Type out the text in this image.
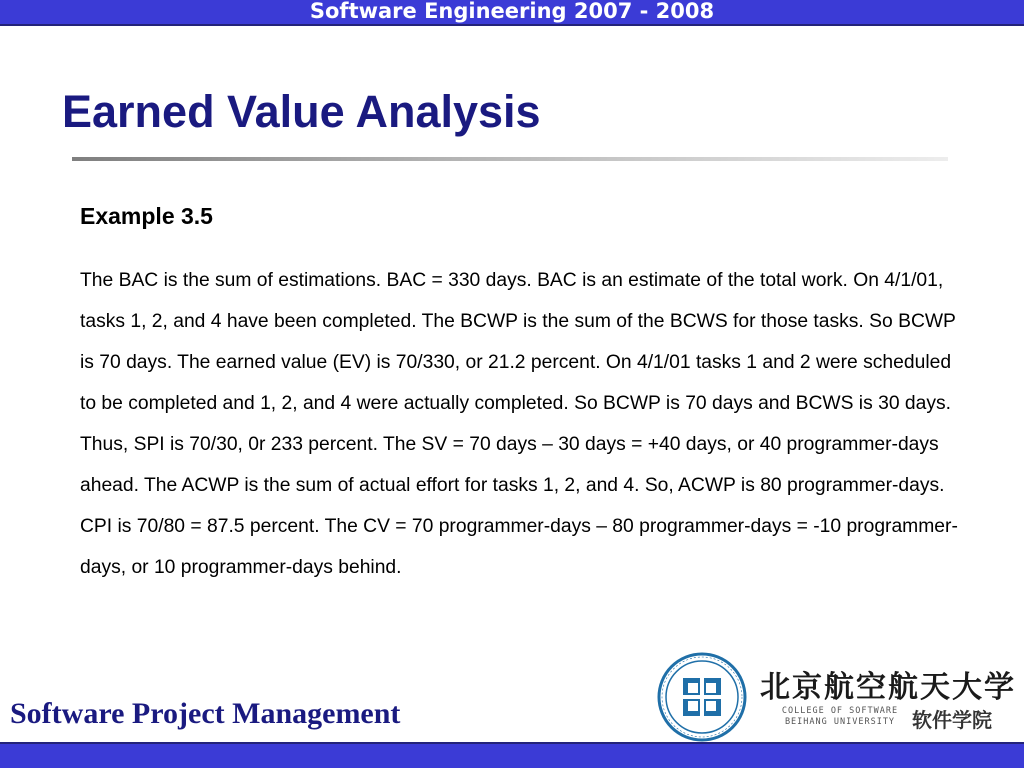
Software Engineering 2007 - 2008
Earned Value Analysis
Example 3.5
The BAC is the sum of estimations. BAC = 330 days. BAC is an estimate of the total work. On 4/1/01, tasks 1, 2, and 4 have been completed. The BCWP is the sum of the BCWS for those tasks. So BCWP is 70 days. The earned value (EV) is 70/330, or 21.2 percent. On 4/1/01 tasks 1 and 2 were scheduled to be completed and 1, 2, and 4 were actually completed. So BCWP is 70 days and BCWS is 30 days. Thus, SPI is 70/30, 0r 233 percent. The SV = 70 days – 30 days = +40 days, or 40 programmer-days ahead. The ACWP is the sum of actual effort for tasks 1, 2, and 4. So, ACWP is 80 programmer-days. CPI is 70/80 = 87.5 percent. The CV = 70 programmer-days – 80 programmer-days = -10 programmer-days, or 10 programmer-days behind.
Software Project Management
北京航空航天大学
COLLEGE OF SOFTWARE
BEIHANG UNIVERSITY 软件学院
